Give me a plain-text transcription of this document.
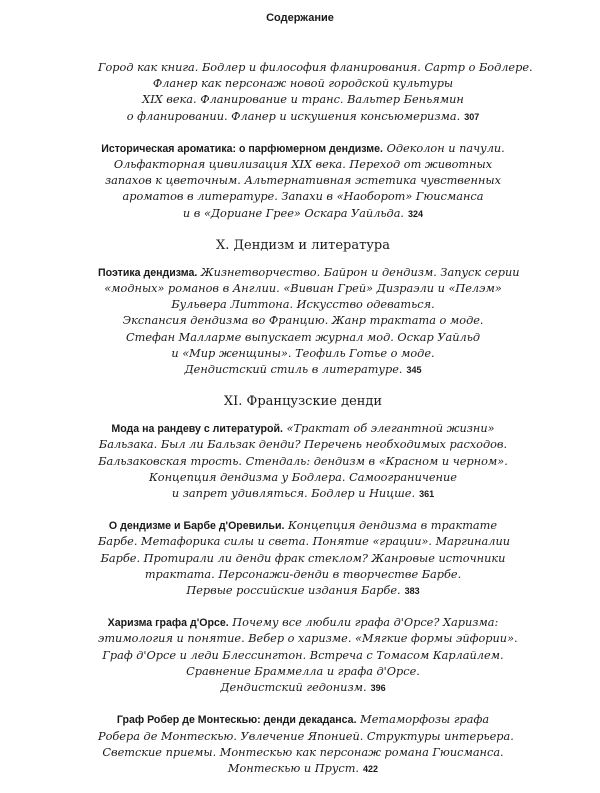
Содержание
Город как книга. Бодлер и философия фланирования. Сартр о Бодлере.
Фланер как персонаж новой городской культуры
XIX века. Фланирование и транс. Вальтер Беньямин
о фланировании. Фланер и искушения консьюмеризма. 307
Историческая ароматика: о парфюмерном дендизме. Одеколон и пачули.
Ольфакторная цивилизация XIX века. Переход от животных
запахов к цветочным. Альтернативная эстетика чувственных
ароматов в литературе. Запахи в «Наоборот» Гюисманса
и в «Дориане Грее» Оскара Уайльда. 324
X. Дендизм и литература
Поэтика дендизма. Жизнетворчество. Байрон и дендизм. Запуск серии
«модных» романов в Англии. «Вивиан Грей» Дизраэли и «Пелэм»
Бульвера Литтона. Искусство одеваться.
Экспансия дендизма во Францию. Жанр трактата о моде.
Стефан Малларме выпускает журнал мод. Оскар Уайльд
и «Мир женщины». Теофиль Готье о моде.
Дендистский стиль в литературе. 345
XI. Французские денди
Мода на рандеву с литературой. «Трактат об элегантной жизни»
Бальзака. Был ли Бальзак денди? Перечень необходимых расходов.
Бальзаковская трость. Стендаль: дендизм в «Красном и черном».
Концепция дендизма у Бодлера. Самоограничение
и запрет удивляться. Бодлер и Ницше. 361
О дендизме и Барбе д'Оревильи. Концепция дендизма в трактате
Барбе. Метафорика силы и света. Понятие «грации». Маргиналии
Барбе. Протирали ли денди фрак стеклом? Жанровые источники
трактата. Персонажи-денди в творчестве Барбе.
Первые российские издания Барбе. 383
Харизма графа д'Орсе. Почему все любили графа д'Орсе? Харизма:
этимология и понятие. Вебер о харизме. «Мягкие формы эйфории».
Граф д'Орсе и леди Блессингтон. Встреча с Томасом Карлайлем.
Сравнение Браммелла и графа д'Орсе.
Дендистский гедонизм. 396
Граф Робер де Монтескью: денди декаданса. Метаморфозы графа
Робера де Монтескью. Увлечение Японией. Структуры интерьера.
Светские приемы. Монтескью как персонаж романа Гюисманса.
Монтескью и Пруст. 422
